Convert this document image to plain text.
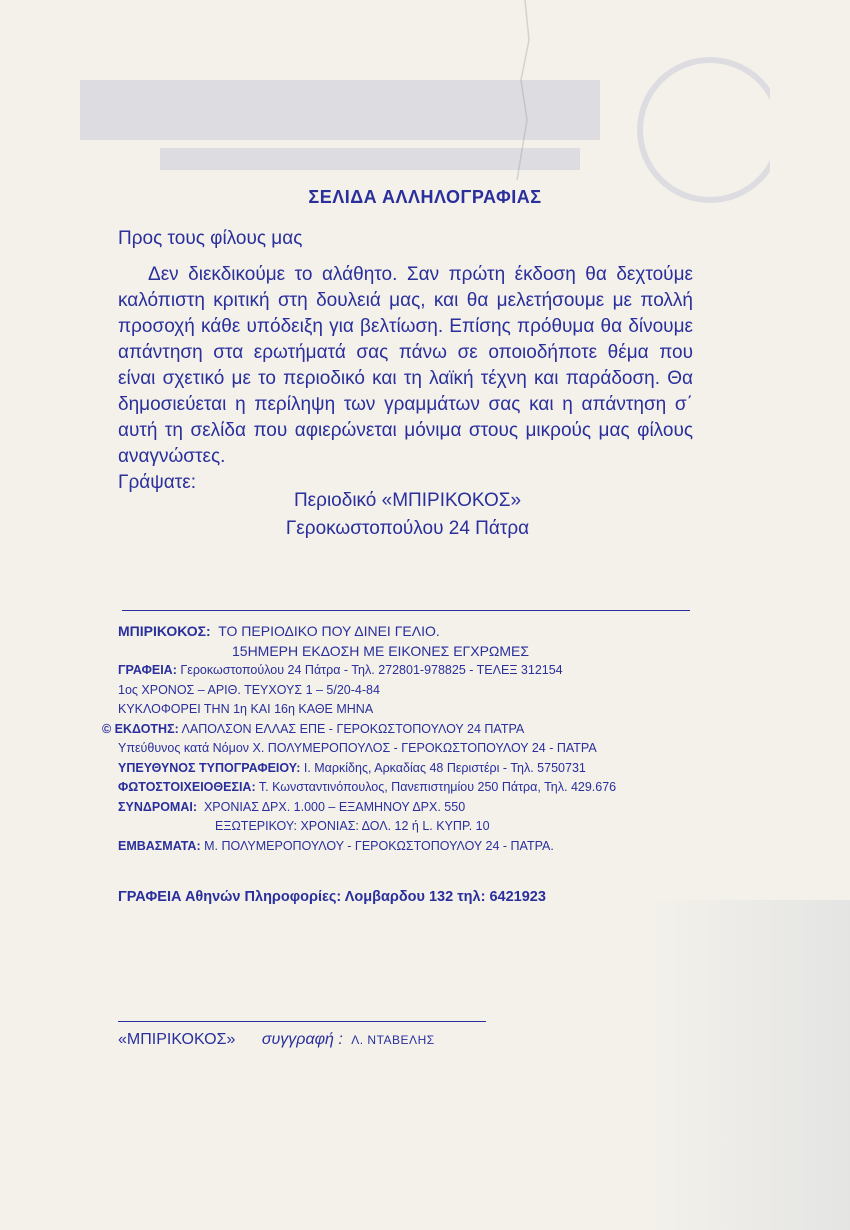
ΣΕΛΙΔΑ ΑΛΛΗΛΟΓΡΑΦΙΑΣ
Προς τους φίλους μας

Δεν διεκδικούμε το αλάθητο. Σαν πρώτη έκδοση θα δεχτούμε καλόπιστη κριτική στη δουλειά μας, και θα μελετήσουμε με πολλή προσοχή κάθε υπόδειξη για βελτίωση. Επίσης πρόθυμα θα δίνουμε απάντηση στα ερωτήματά σας πάνω σε οποιοδήποτε θέμα που είναι σχετικό με το περιοδικό και τη λαϊκή τέχνη και παράδοση. Θα δημοσιεύεται η περίληψη των γραμμάτων σας και η απάντηση σ΄ αυτή τη σελίδα που αφιερώνεται μόνιμα στους μικρούς μας φίλους αναγνώστες.
Γράψατε:

Περιοδικό «ΜΠΙΡΙΚΟΚΟΣ»
Γεροκωστοπούλου 24 Πάτρα
ΜΠΙΡΙΚΟΚΟΣ: ΤΟ ΠΕΡΙΟΔΙΚΟ ΠΟΥ ΔΙΝΕΙ ΓΕΛΙΟ.
15ΗΜΕΡΗ ΕΚΔΟΣΗ ΜΕ ΕΙΚΟΝΕΣ ΕΓΧΡΩΜΕΣ
ΓΡΑΦΕΙΑ: Γεροκωστοπούλου 24 Πάτρα - Τηλ. 272801-978825 - ΤΕΛΕΞ 312154
1ος ΧΡΟΝΟΣ – ΑΡΙΘ. ΤΕΥΧΟΥΣ 1 – 5/20-4-84
ΚΥΚΛΟΦΟΡΕΙ ΤΗΝ 1η ΚΑΙ 16η ΚΑΘΕ ΜΗΝΑ
© ΕΚΔΟΤΗΣ: ΛΑΠΟΛΣΟΝ ΕΛΛΑΣ ΕΠΕ - ΓΕΡΟΚΩΣΤΟΠΟΥΛΟΥ 24 ΠΑΤΡΑ
Υπεύθυνος κατά Νόμον Χ. ΠΟΛΥΜΕΡΟΠΟΥΛΟΣ - ΓΕΡΟΚΩΣΤΟΠΟΥΛΟΥ 24 - ΠΑΤΡΑ
ΥΠΕΥΘΥΝΟΣ ΤΥΠΟΓΡΑΦΕΙΟΥ: Ι. Μαρκίδης, Αρκαδίας 48 Περιστέρι - Τηλ. 5750731
ΦΩΤΟΣΤΟΙΧΕΙΟΘΕΣΙΑ: Τ. Κωνσταντινόπουλος, Πανεπιστημίου 250 Πάτρα, Τηλ. 429.676
ΣΥΝΔΡΟΜΑΙ: ΧΡΟΝΙΑΣ ΔΡΧ. 1.000 – ΕΞΑΜΗΝΟΥ ΔΡΧ. 550
ΕΞΩΤΕΡΙΚΟΥ: ΧΡΟΝΙΑΣ: ΔΟΛ. 12 ή L. ΚΥΠΡ. 10
ΕΜΒΑΣΜΑΤΑ: Μ. ΠΟΛΥΜΕΡΟΠΟΥΛΟΥ - ΓΕΡΟΚΩΣΤΟΠΟΥΛΟΥ 24 - ΠΑΤΡΑ.
ΓΡΑΦΕΙΑ Αθηνών Πληροφορίες: Λομβαρδου 132 τηλ: 6421923
«ΜΠΙΡΙΚΟΚΟΣ» συγγραφή : Λ. ΝΤΑΒΕΛΗΣ
